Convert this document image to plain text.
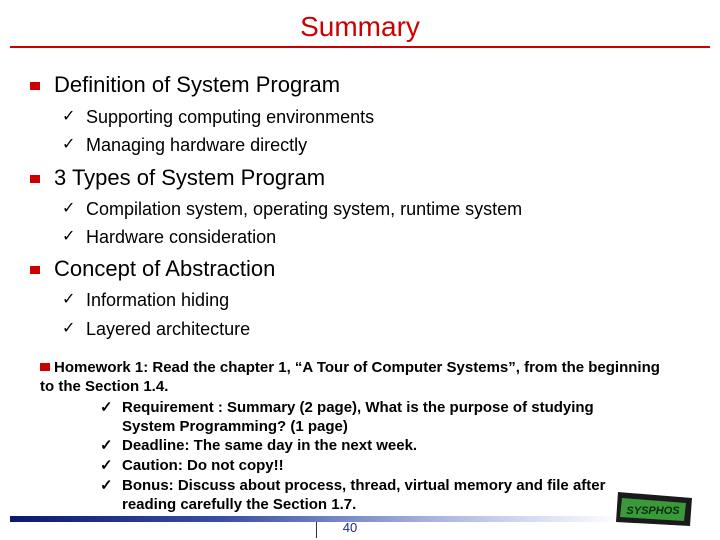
Summary
Definition of System Program
✓ Supporting computing environments
✓ Managing hardware directly
3 Types of System Program
✓ Compilation system, operating system, runtime system
✓ Hardware consideration
Concept of Abstraction
✓ Information hiding
✓ Layered architecture
Homework 1: Read the chapter 1, “A Tour of Computer Systems”, from the beginning to the Section 1.4.
✓ Requirement : Summary (2 page), What is the purpose of studying System Programming? (1 page)
✓ Deadline: The same day in the next week.
✓ Caution: Do not copy!!
✓ Bonus: Discuss about process, thread, virtual memory and file after reading carefully the Section 1.7.
40
SYSPHOS
